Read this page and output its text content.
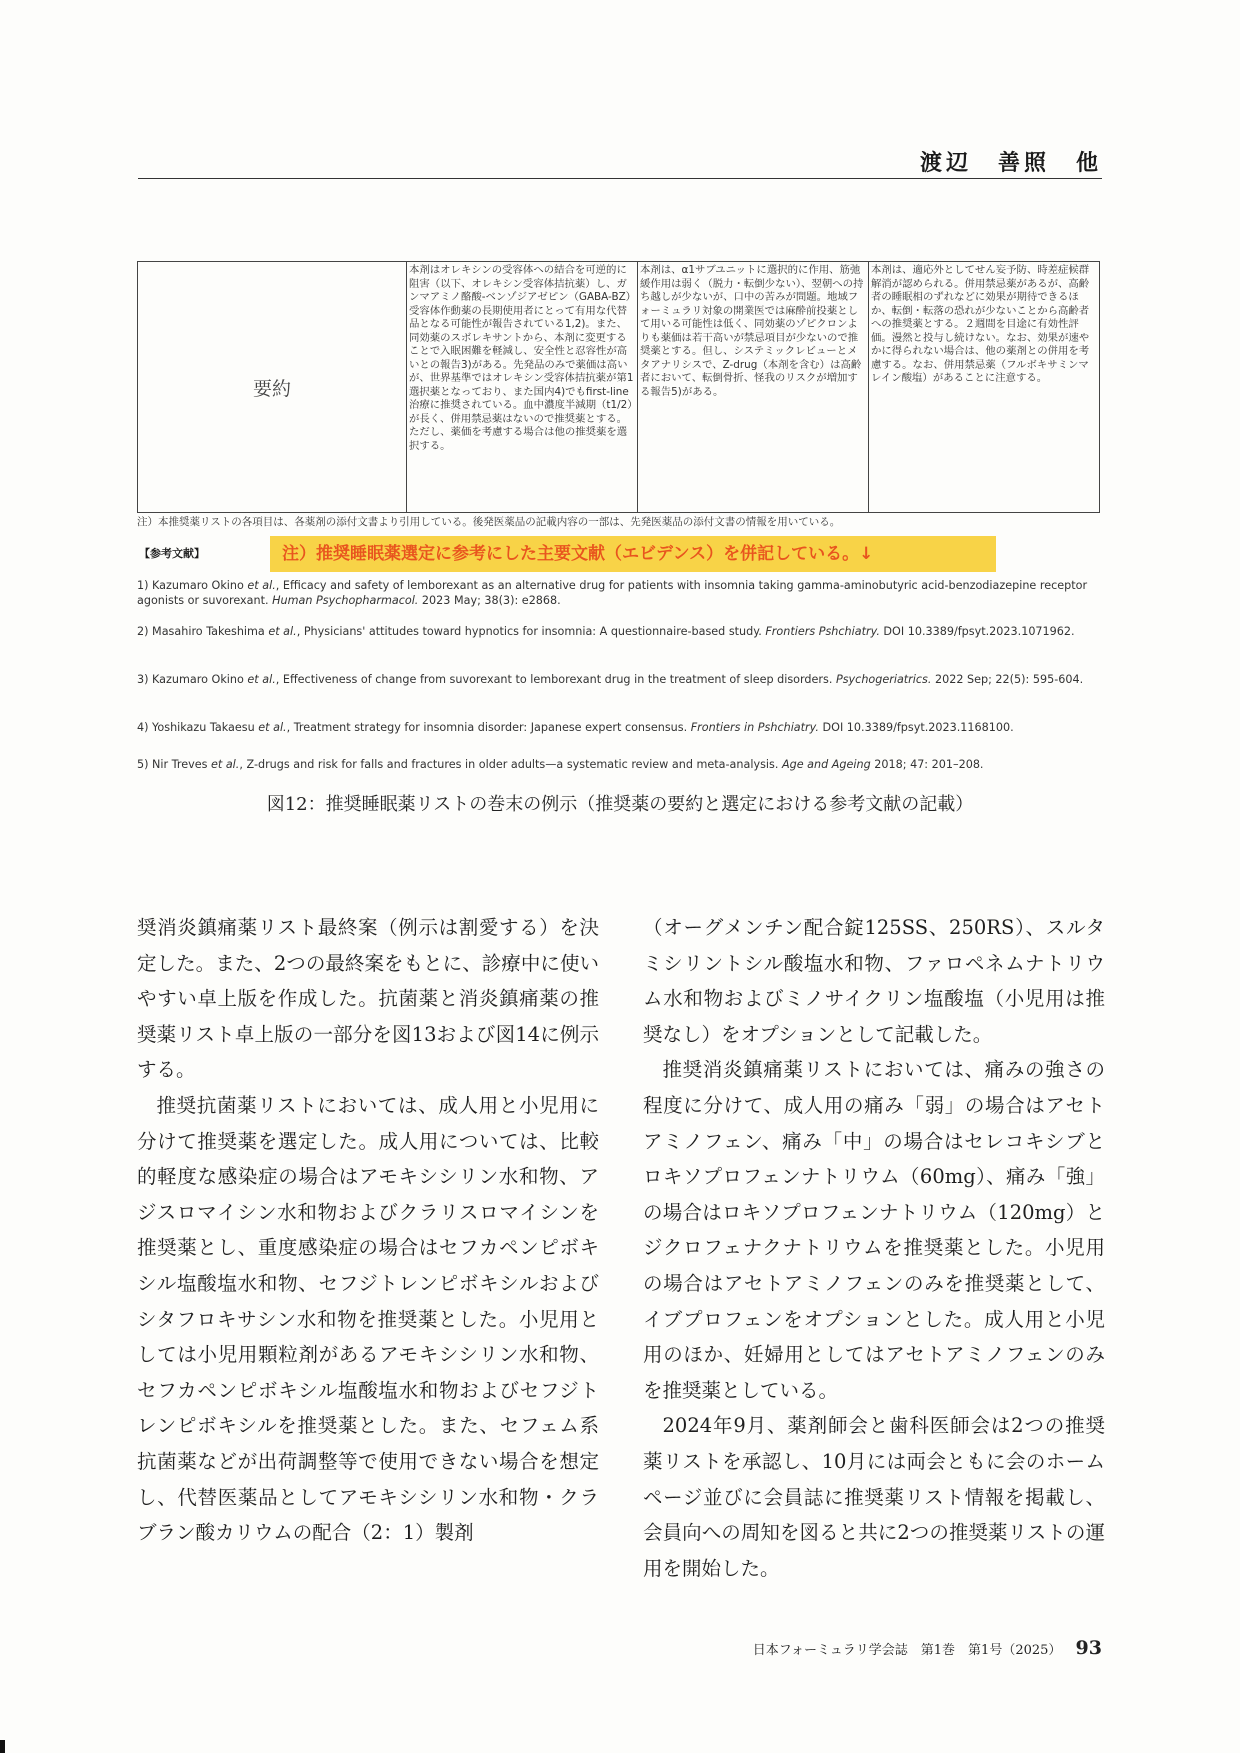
渡辺　善照　他
要約	本剤はオレキシンの受容体への結合を可逆的に阻害（以下、オレキシン受容体拮抗薬）し、ガンマアミノ酪酸-ベンゾジアゼピン（GABA-BZ）受容体作動薬の長期使用者にとって有用な代替品となる可能性が報告されている1,2)。また、同効薬のスボレキサントから、本剤に変更することで入眠困難を軽減し、安全性と忍容性が高いとの報告3)がある。先発品のみで薬価は高いが、世界基準ではオレキシン受容体拮抗薬が第1選択薬となっており、また国内4)でもfirst-line治療に推奨されている。血中濃度半減期（t1/2）が長く、併用禁忌薬はないので推奨薬とする。ただし、薬価を考慮する場合は他の推奨薬を選択する。	本剤は、α1サブユニットに選択的に作用、筋弛緩作用は弱く（脱力・転倒少ない）、翌朝への持ち越しが少ないが、口中の苦みが問題。地域フォーミュラリ対象の開業医では麻酔前投薬として用いる可能性は低く、同効薬のゾピクロンよりも薬価は若干高いが禁忌項目が少ないので推奨薬とする。但し、システミックレビューとメタアナリシスで、Z-drug（本剤を含む）は高齢者において、転倒骨折、怪我のリスクが増加する報告5)がある。	本剤は、適応外としてせん妄予防、時差症候群解消が認められる。併用禁忌薬があるが、高齢者の睡眠相のずれなどに効果が期待できるほか、転倒・転落の恐れが少ないことから高齢者への推奨薬とする。２週間を目途に有効性評価。漫然と投与し続けない。なお、効果が速やかに得られない場合は、他の薬剤との併用を考慮する。なお、併用禁忌薬（フルボキサミンマレイン酸塩）があることに注意する。
注）本推奨薬リストの各項目は、各薬剤の添付文書より引用している。後発医薬品の記載内容の一部は、先発医薬品の添付文書の情報を用いている。
【参考文献】	注）推奨睡眠薬選定に参考にした主要文献（エビデンス）を併記している。↓
1) Kazumaro Okino et al., Efficacy and safety of lemborexant as an alternative drug for patients with insomnia taking gamma-aminobutyric acid-benzodiazepine receptor agonists or suvorexant. Human Psychopharmacol. 2023 May; 38(3): e2868.
2) Masahiro Takeshima et al., Physicians' attitudes toward hypnotics for insomnia: A questionnaire-based study. Frontiers Pshchiatry. DOI 10.3389/fpsyt.2023.1071962.
3) Kazumaro Okino et al., Effectiveness of change from suvorexant to lemborexant drug in the treatment of sleep disorders. Psychogeriatrics. 2022 Sep; 22(5): 595-604.
4) Yoshikazu Takaesu et al., Treatment strategy for insomnia disorder: Japanese expert consensus. Frontiers in Pshchiatry. DOI 10.3389/fpsyt.2023.1168100.
5) Nir Treves et al., Z-drugs and risk for falls and fractures in older adults—a systematic review and meta-analysis. Age and Ageing 2018; 47: 201–208.
図12：推奨睡眠薬リストの巻末の例示（推奨薬の要約と選定における参考文献の記載）

奨消炎鎮痛薬リスト最終案（例示は割愛する）を決定した。また、2つの最終案をもとに、診療中に使いやすい卓上版を作成した。抗菌薬と消炎鎮痛薬の推奨薬リスト卓上版の一部分を図13および図14に例示する。

推奨抗菌薬リストにおいては、成人用と小児用に分けて推奨薬を選定した。成人用については、比較的軽度な感染症の場合はアモキシシリン水和物、アジスロマイシン水和物およびクラリスロマイシンを推奨薬とし、重度感染症の場合はセフカペンピボキシル塩酸塩水和物、セフジトレンピボキシルおよびシタフロキサシン水和物を推奨薬とした。小児用としては小児用顆粒剤があるアモキシシリン水和物、セフカペンピボキシル塩酸塩水和物およびセフジトレンピボキシルを推奨薬とした。また、セフェム系抗菌薬などが出荷調整等で使用できない場合を想定し、代替医薬品としてアモキシシリン水和物・クラブラン酸カリウムの配合（2：1）製剤

（オーグメンチン配合錠125SS、250RS）、スルタミシリントシル酸塩水和物、ファロペネムナトリウム水和物およびミノサイクリン塩酸塩（小児用は推奨なし）をオプションとして記載した。

推奨消炎鎮痛薬リストにおいては、痛みの強さの程度に分けて、成人用の痛み「弱」の場合はアセトアミノフェン、痛み「中」の場合はセレコキシブとロキソプロフェンナトリウム（60mg）、痛み「強」の場合はロキソプロフェンナトリウム（120mg）とジクロフェナクナトリウムを推奨薬とした。小児用の場合はアセトアミノフェンのみを推奨薬として、イブプロフェンをオプションとした。成人用と小児用のほか、妊婦用としてはアセトアミノフェンのみを推奨薬としている。

2024年9月、薬剤師会と歯科医師会は2つの推奨薬リストを承認し、10月には両会ともに会のホームページ並びに会員誌に推奨薬リスト情報を掲載し、会員向への周知を図ると共に2つの推奨薬リストの運用を開始した。

日本フォーミュラリ学会誌　第1巻　第1号（2025） 93
